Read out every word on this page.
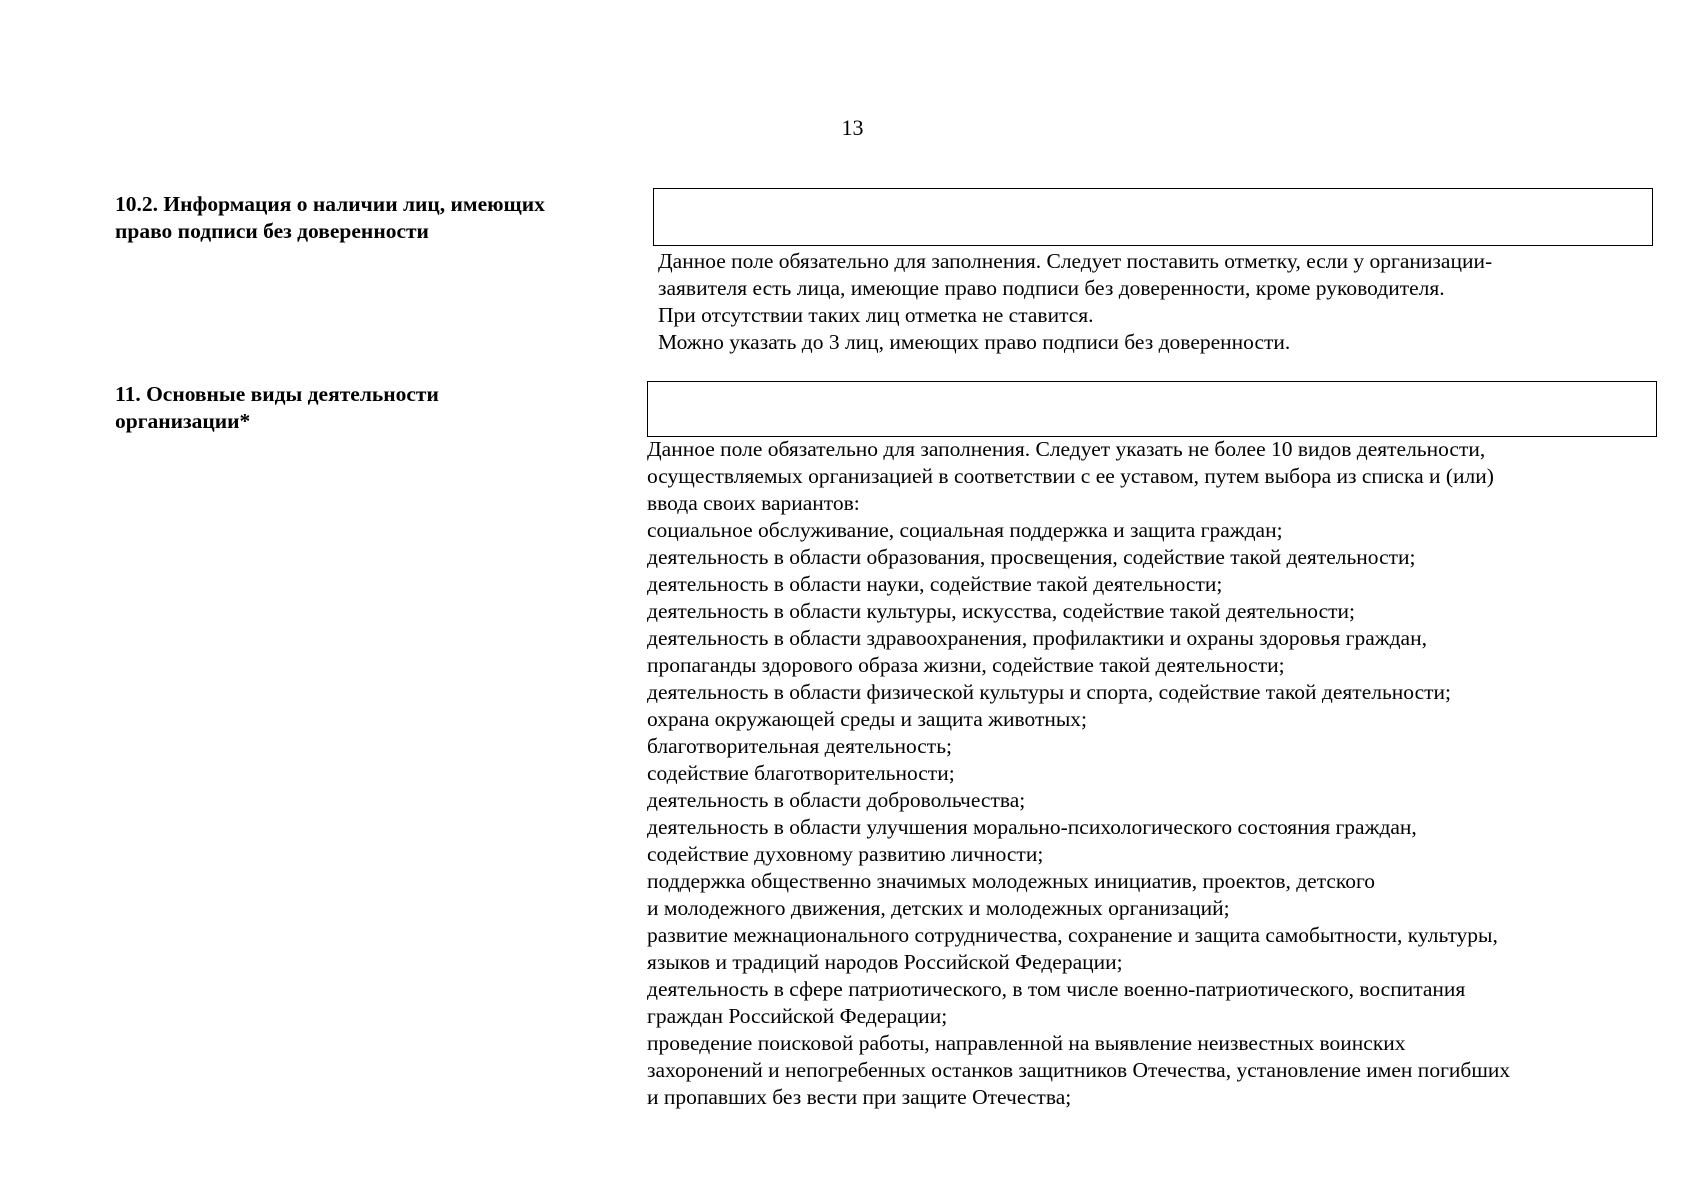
13
10.2. Информация о наличии лиц, имеющих
право подписи без доверенности
Данное поле обязательно для заполнения. Следует поставить отметку, если у организации-
заявителя есть лица, имеющие право подписи без доверенности, кроме руководителя.
При отсутствии таких лиц отметка не ставится.
Можно указать до 3 лиц, имеющих право подписи без доверенности.
11. Основные виды деятельности
организации*
Данное поле обязательно для заполнения. Следует указать не более 10 видов деятельности,
осуществляемых организацией в соответствии с ее уставом, путем выбора из списка и (или)
ввода своих вариантов:
социальное обслуживание, социальная поддержка и защита граждан;
деятельность в области образования, просвещения, содействие такой деятельности;
деятельность в области науки, содействие такой деятельности;
деятельность в области культуры, искусства, содействие такой деятельности;
деятельность в области здравоохранения, профилактики и охраны здоровья граждан,
пропаганды здорового образа жизни, содействие такой деятельности;
деятельность в области физической культуры и спорта, содействие такой деятельности;
охрана окружающей среды и защита животных;
благотворительная деятельность;
содействие благотворительности;
деятельность в области добровольчества;
деятельность в области улучшения морально-психологического состояния граждан,
содействие духовному развитию личности;
поддержка общественно значимых молодежных инициатив, проектов, детского
и молодежного движения, детских и молодежных организаций;
развитие межнационального сотрудничества, сохранение и защита самобытности, культуры,
языков и традиций народов Российской Федерации;
деятельность в сфере патриотического, в том числе военно-патриотического, воспитания
граждан Российской Федерации;
проведение поисковой работы, направленной на выявление неизвестных воинских
захоронений и непогребенных останков защитников Отечества, установление имен погибших
и пропавших без вести при защите Отечества;
